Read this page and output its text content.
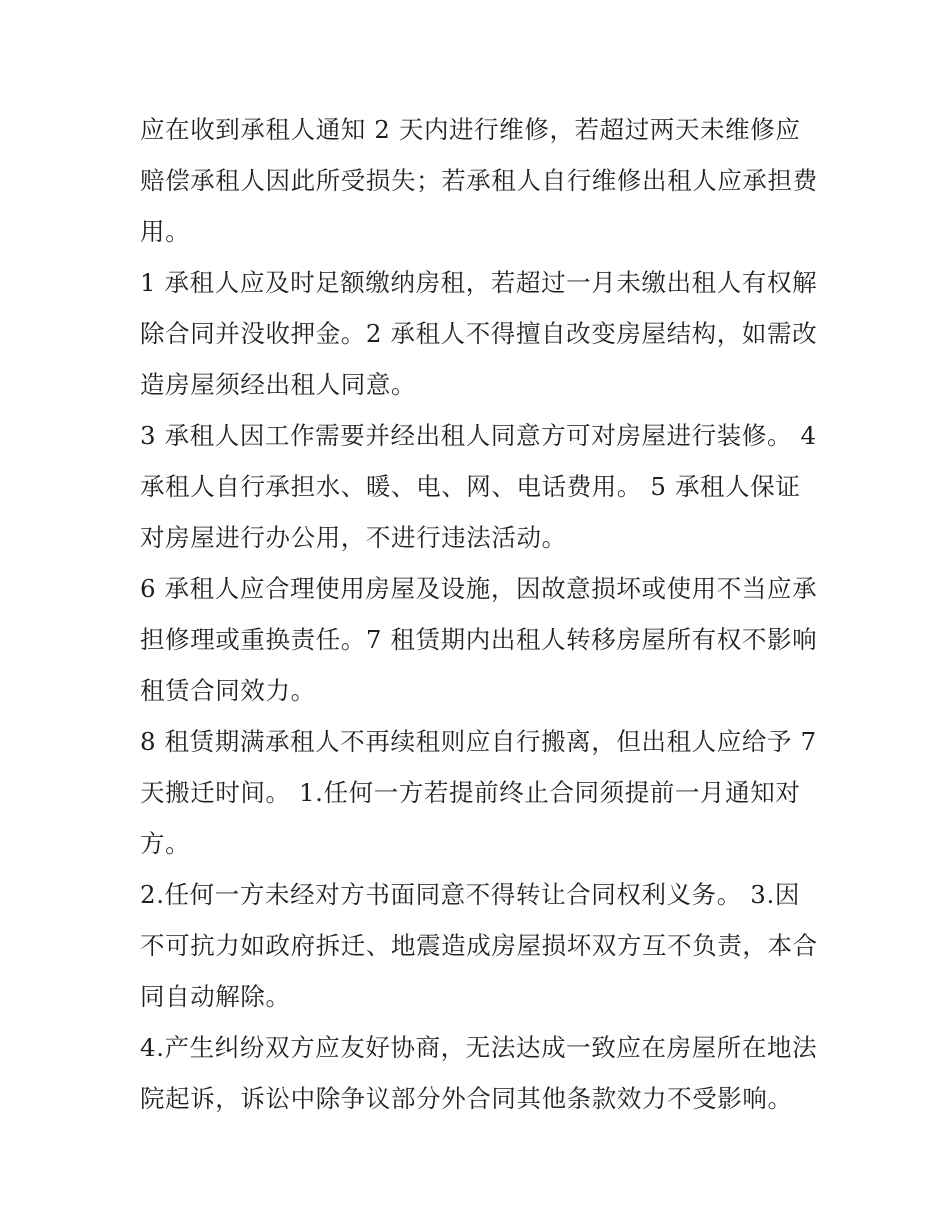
应在收到承租人通知 2 天内进行维修，若超过两天未维修应赔偿承租人因此所受损失；若承租人自行维修出租人应承担费用。

1 承租人应及时足额缴纳房租，若超过一月未缴出租人有权解除合同并没收押金。2 承租人不得擅自改变房屋结构，如需改造房屋须经出租人同意。

3 承租人因工作需要并经出租人同意方可对房屋进行装修。 4 承租人自行承担水、暖、电、网、电话费用。 5 承租人保证对房屋进行办公用，不进行违法活动。

6 承租人应合理使用房屋及设施，因故意损坏或使用不当应承担修理或重换责任。7 租赁期内出租人转移房屋所有权不影响租赁合同效力。

8 租赁期满承租人不再续租则应自行搬离，但出租人应给予 7 天搬迁时间。 1.任何一方若提前终止合同须提前一月通知对方。

2.任何一方未经对方书面同意不得转让合同权利义务。 3.因不可抗力如政府拆迁、地震造成房屋损坏双方互不负责，本合同自动解除。

4.产生纠纷双方应友好协商，无法达成一致应在房屋所在地法院起诉，诉讼中除争议部分外合同其他条款效力不受影响。
